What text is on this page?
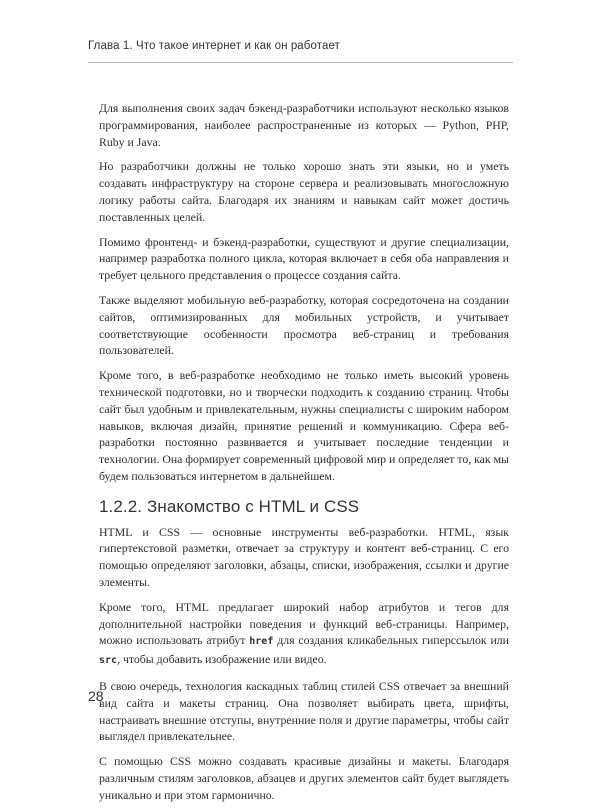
Глава 1. Что такое интернет и как он работает

Для выполнения своих задач бэкенд-разработчики используют несколько языков программирования, наиболее распространенные из которых — Python, PHP, Ruby и Java.

Но разработчики должны не только хорошо знать эти языки, но и уметь создавать инфраструктуру на стороне сервера и реализовывать многосложную логику работы сайта. Благодаря их знаниям и навыкам сайт может достичь поставленных целей.

Помимо фронтенд- и бэкенд-разработки, существуют и другие специализации, например разработка полного цикла, которая включает в себя оба направления и требует цельного представления о процессе создания сайта.

Также выделяют мобильную веб-разработку, которая сосредоточена на создании сайтов, оптимизированных для мобильных устройств, и учитывает соответствующие особенности просмотра веб-страниц и требования пользователей.

Кроме того, в веб-разработке необходимо не только иметь высокий уровень технической подготовки, но и творчески подходить к созданию страниц. Чтобы сайт был удобным и привлекательным, нужны специалисты с широким набором навыков, включая дизайн, принятие решений и коммуникацию. Сфера веб-разработки постоянно развивается и учитывает последние тенденции и технологии. Она формирует современный цифровой мир и определяет то, как мы будем пользоваться интернетом в дальнейшем.

1.2.2. Знакомство с HTML и CSS

HTML и CSS — основные инструменты веб-разработки. HTML, язык гипертекстовой разметки, отвечает за структуру и контент веб-страниц. С его помощью определяют заголовки, абзацы, списки, изображения, ссылки и другие элементы.

Кроме того, HTML предлагает широкий набор атрибутов и тегов для дополнительной настройки поведения и функций веб-страницы. Например, можно использовать атрибут href для создания кликабельных гиперссылок или src, чтобы добавить изображение или видео.

В свою очередь, технология каскадных таблиц стилей CSS отвечает за внешний вид сайта и макеты страниц. Она позволяет выбирать цвета, шрифты, настраивать внешние отступы, внутренние поля и другие параметры, чтобы сайт выглядел привлекательнее.

С помощью CSS можно создавать красивые дизайны и макеты. Благодаря различным стилям заголовков, абзацев и других элементов сайт будет выглядеть уникально и при этом гармонично.

28
